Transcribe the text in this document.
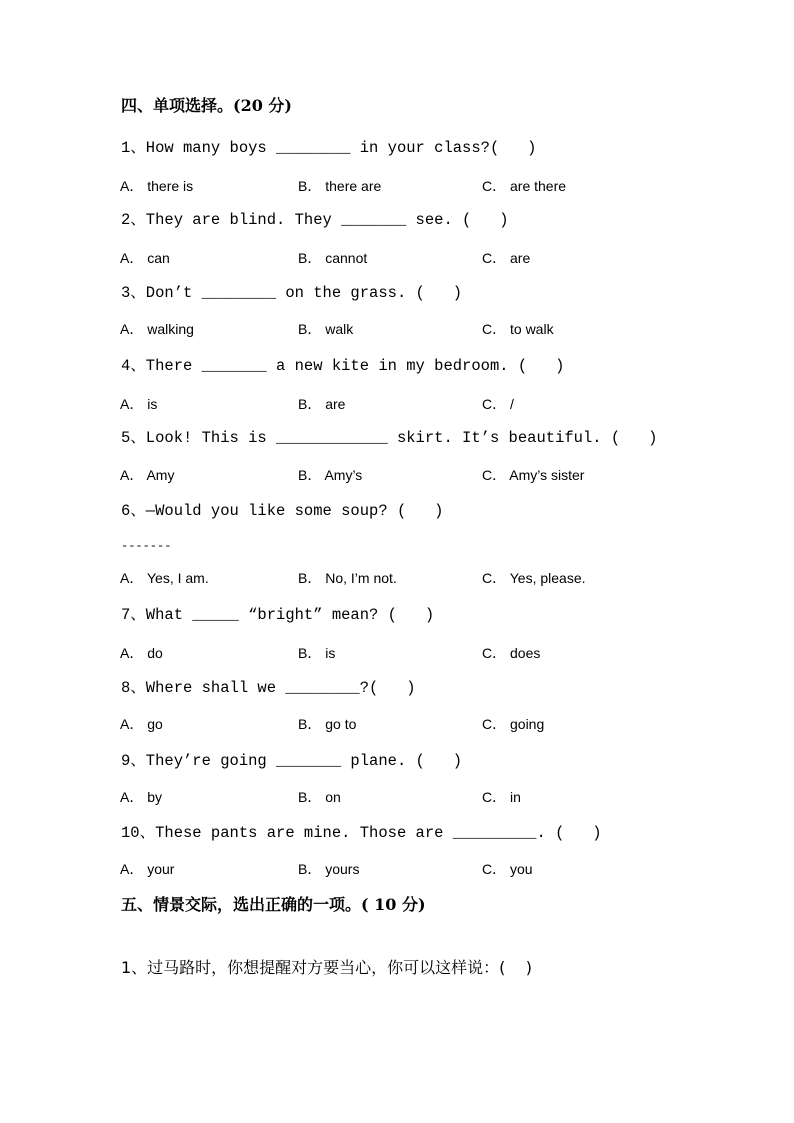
四、单项选择。(20 分)
1、How many boys ________ in your class?(   )
A． there is	B． there are	C． are there
2、They are blind. They _______ see. (   )
A． can	B． cannot	C． are
3、Don’t ________ on the grass. (   )
A． walking	B． walk	C． to walk
4、There _______ a new kite in my bedroom. (   )
A． is	B． are	C． /
5、Look! This is ____________ skirt. It’s beautiful. (   )
A． Amy	B． Amy’s	C． Amy’s sister
6、—Would you like some soup? (   )
-------
A． Yes, I am.	B． No, I’m not.	C． Yes, please.
7、What _____ “bright” mean? (   )
A． do	B． is	C． does
8、Where shall we ________?(   )
A． go	B． go to	C． going
9、They’re going _______ plane. (   )
A． by	B． on	C． in
10、These pants are mine. Those are _________. (   )
A． your	B． yours	C． you
五、情景交际，选出正确的一项。( 10 分)
1、过马路时，你想提醒对方要当心，你可以这样说：(    )
